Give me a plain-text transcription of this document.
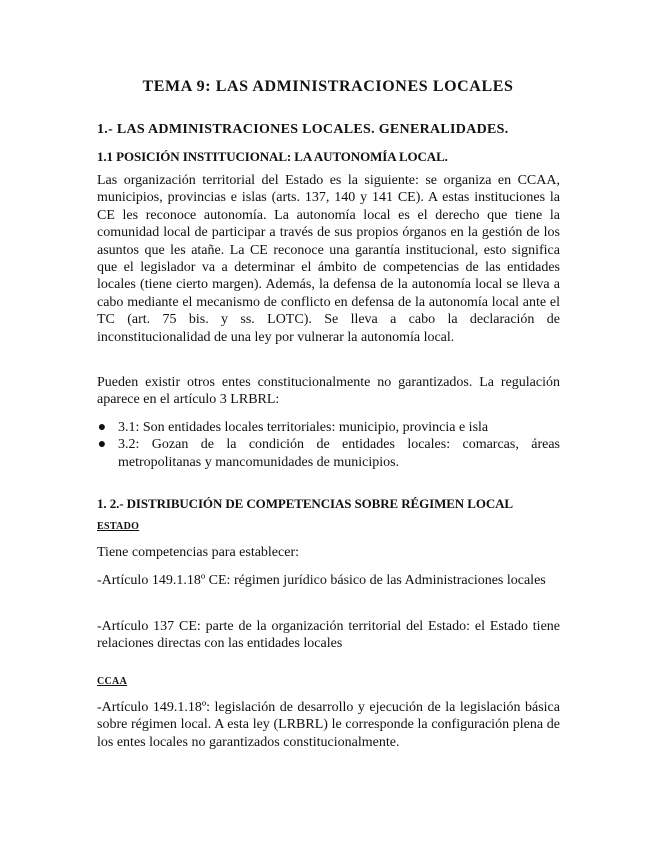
TEMA 9: LAS ADMINISTRACIONES LOCALES
1.- LAS ADMINISTRACIONES LOCALES. GENERALIDADES.
1.1 POSICIÓN INSTITUCIONAL: LA AUTONOMÍA LOCAL.

Las organización territorial del Estado es la siguiente: se organiza en CCAA, municipios, provincias e islas (arts. 137, 140 y 141 CE). A estas instituciones la CE les reconoce autonomía. La autonomía local es el derecho que tiene la comunidad local de participar a través de sus propios órganos en la gestión de los asuntos que les atañe. La CE reconoce una garantía institucional, esto significa que el legislador va a determinar el ámbito de competencias de las entidades locales (tiene cierto margen). Además, la defensa de la autonomía local se lleva a cabo mediante el mecanismo de conflicto en defensa de la autonomía local ante el TC (art. 75 bis. y ss. LOTC). Se lleva a cabo la declaración de inconstitucionalidad de una ley por vulnerar la autonomía local.

Pueden existir otros entes constitucionalmente no garantizados. La regulación aparece en el artículo 3 LRBRL:

● 3.1: Son entidades locales territoriales: municipio, provincia e isla
● 3.2: Gozan de la condición de entidades locales: comarcas, áreas metropolitanas y mancomunidades de municipios.
1. 2.- DISTRIBUCIÓN DE COMPETENCIAS SOBRE RÉGIMEN LOCAL
ESTADO

Tiene competencias para establecer:

-Artículo 149.1.18º CE: régimen jurídico básico de las Administraciones locales

-Artículo 137 CE: parte de la organización territorial del Estado: el Estado tiene relaciones directas con las entidades locales

CCAA

-Artículo 149.1.18º: legislación de desarrollo y ejecución de la legislación básica sobre régimen local. A esta ley (LRBRL) le corresponde la configuración plena de los entes locales no garantizados constitucionalmente.
